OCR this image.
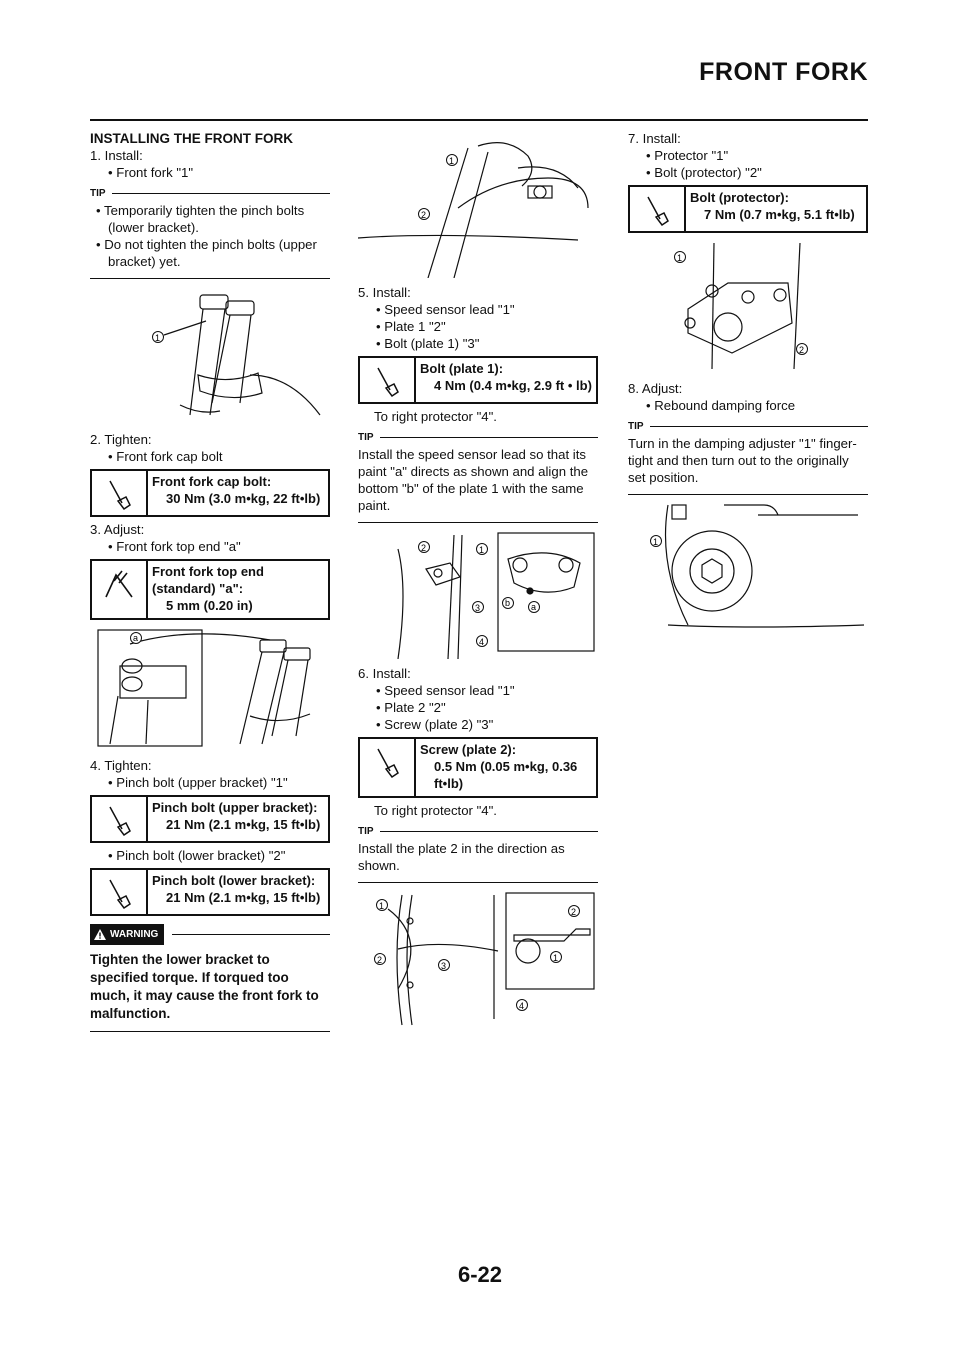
FRONT FORK
INSTALLING THE FRONT FORK

1. Install:

• Front fork "1"

TIP

• Temporarily tighten the pinch bolts (lower bracket).

• Do not tighten the pinch bolts (upper bracket) yet.

1

2. Tighten:

• Front fork cap bolt

Front fork cap bolt:
30 Nm (3.0 m•kg, 22 ft•lb)

3. Adjust:

• Front fork top end "a"

Front fork top end (standard) "a":
5 mm (0.20 in)
a

4. Tighten:

• Pinch bolt (upper bracket) "1"

Pinch bolt (upper bracket):
21 Nm (2.1 m•kg, 15 ft•lb)

• Pinch bolt (lower bracket) "2"

Pinch bolt (lower bracket):
21 Nm (2.1 m•kg, 15 ft•lb)
WARNING
Tighten the lower bracket to specified torque. If torqued too much, it may cause the front fork to malfunction.
1
2

5. Install:

• Speed sensor lead "1"

• Plate 1 "2"

• Bolt (plate 1) "3"

Bolt (plate 1):
4 Nm (0.4 m•kg, 2.9 ft • lb)

To right protector "4".

TIP
Install the speed sensor lead so that its paint "a" directs as shown and align the bottom "b" of the plate 1 with the same paint.
2	1
3
4
b a

6. Install:

• Speed sensor lead "1"

• Plate 2 "2"

• Screw (plate 2) "3"

Screw (plate 2):
0.5 Nm (0.05 m•kg, 0.36 ft•lb)

To right protector "4".

TIP
Install the plate 2 in the direction as shown.
1
2
3
4
2
1

7. Install:

• Protector "1"

• Bolt (protector) "2"

Bolt (protector):
7 Nm (0.7 m•kg, 5.1 ft•lb)
1
2

8. Adjust:

• Rebound damping force

TIP
Turn in the damping adjuster "1" finger-tight and then turn out to the originally set position.
1
6-22
